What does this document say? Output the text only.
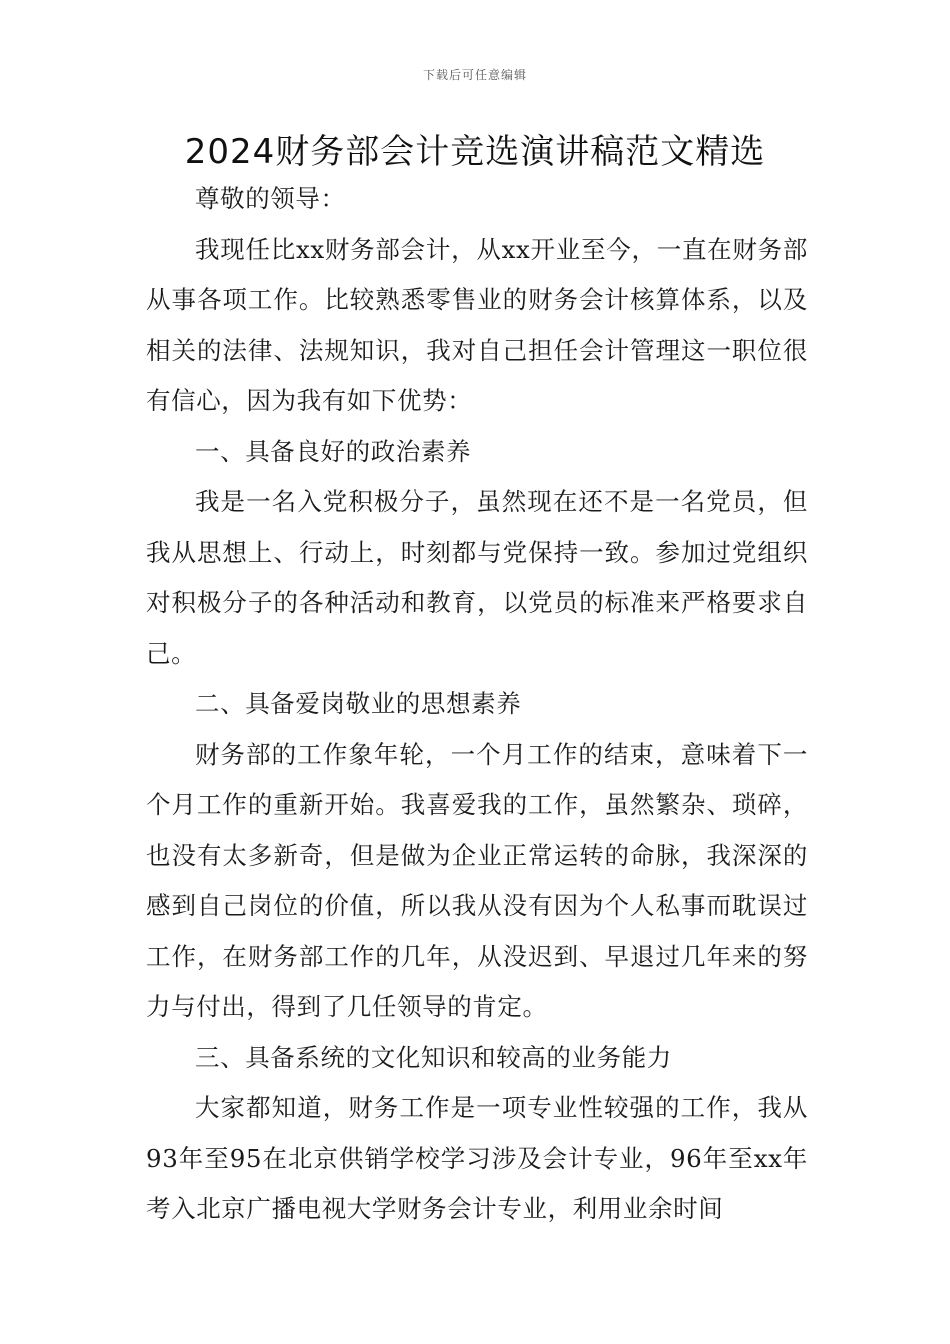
下载后可任意编辑
2024财务部会计竞选演讲稿范文精选

尊敬的领导：

我现任比xx财务部会计，从xx开业至今，一直在财务部从事各项工作。比较熟悉零售业的财务会计核算体系，以及相关的法律、法规知识，我对自己担任会计管理这一职位很有信心，因为我有如下优势：

一、具备良好的政治素养

我是一名入党积极分子，虽然现在还不是一名党员，但我从思想上、行动上，时刻都与党保持一致。参加过党组织对积极分子的各种活动和教育，以党员的标准来严格要求自己。

二、具备爱岗敬业的思想素养

财务部的工作象年轮，一个月工作的结束，意味着下一个月工作的重新开始。我喜爱我的工作，虽然繁杂、琐碎，也没有太多新奇，但是做为企业正常运转的命脉，我深深的感到自己岗位的价值，所以我从没有因为个人私事而耽误过工作，在财务部工作的几年，从没迟到、早退过几年来的努力与付出，得到了几任领导的肯定。

三、具备系统的文化知识和较高的业务能力

大家都知道，财务工作是一项专业性较强的工作，我从93年至95在北京供销学校学习涉及会计专业，96年至xx年考入北京广播电视大学财务会计专业，利用业余时间
